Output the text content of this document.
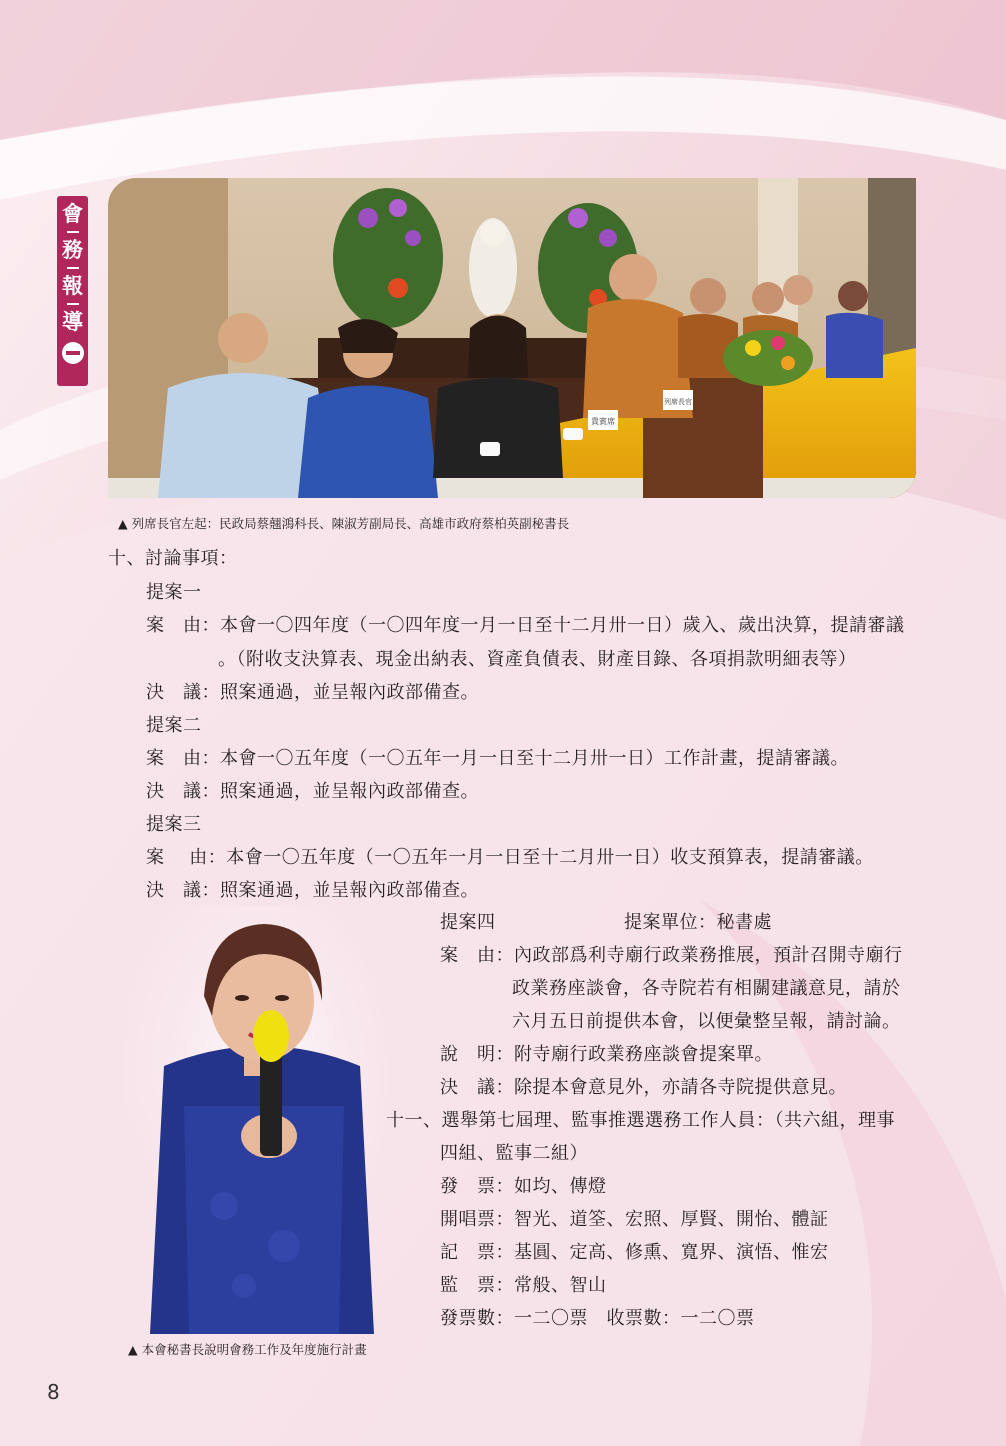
會
務
報
導
貴賓席
列席長官
▲ 列席長官左起：民政局蔡翹鴻科長、陳淑芳副局長、高雄市政府蔡柏英副秘書長
十、討論事項：
提案一
案　由：本會一〇四年度（一〇四年度一月一日至十二月卅一日）歲入、歲出決算，提請審議
。（附收支決算表、現金出納表、資產負債表、財產目錄、各項捐款明細表等）
決　議：照案通過，並呈報內政部備查。
提案二
案　由：本會一〇五年度（一〇五年一月一日至十二月卅一日）工作計畫，提請審議。
決　議：照案通過，並呈報內政部備查。
提案三
案　 由：本會一〇五年度（一〇五年一月一日至十二月卅一日）收支預算表，提請審議。
決　議：照案通過，並呈報內政部備查。
▲ 本會秘書長說明會務工作及年度施行計畫
提案四	提案單位：秘書處
案　由：內政部爲利寺廟行政業務推展，預計召開寺廟行
政業務座談會，各寺院若有相關建議意見，請於
六月五日前提供本會，以便彙整呈報，請討論。
說　明：附寺廟行政業務座談會提案單。
決　議：除提本會意見外，亦請各寺院提供意見。
十一、選舉第七屆理、監事推選選務工作人員：（共六組，理事
四組、監事二組）
發　票：如均、傳燈
開唱票：智光、道筌、宏照、厚賢、開怡、體証
記　票：基圓、定高、修熏、寬界、演悟、惟宏
監　票：常般、智山
發票數：一二〇票　收票數：一二〇票
8
